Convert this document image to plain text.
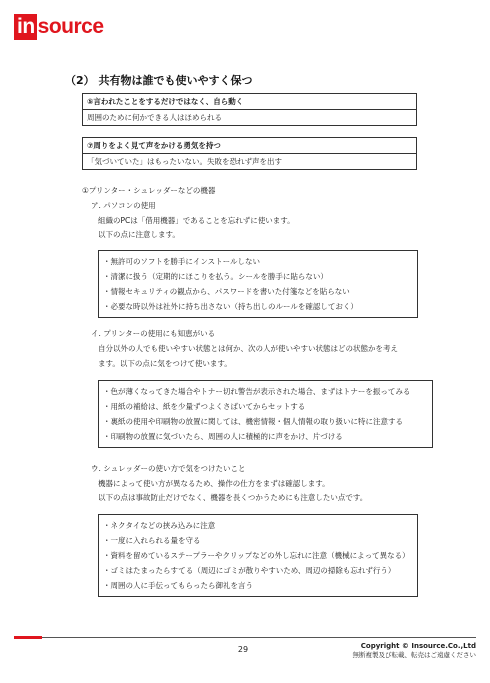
in source
（2） 共有物は誰でも使いやすく保つ
⑤言われたことをするだけではなく、自ら動く
周囲のために何かできる人はほめられる
⑦周りをよく見て声をかける勇気を持つ
「気づいていた」はもったいない。失敗を恐れず声を出す
①プリンター・シュレッダーなどの機器
ア. パソコンの使用
組織のPCは「借用機器」であることを忘れずに使います。
以下の点に注意します。
・無許可のソフトを勝手にインストールしない
・清潔に扱う（定期的にほこりを払う。シールを勝手に貼らない）
・情報セキュリティの観点から、パスワードを書いた付箋などを貼らない
・必要な時以外は社外に持ち出さない（持ち出しのルールを確認しておく）
イ. プリンターの使用にも知恵がいる
自分以外の人でも使いやすい状態とは何か、次の人が使いやすい状態はどの状態かを考え
ます。以下の点に気をつけて使います。
・色が薄くなってきた場合やトナー切れ警告が表示された場合、まずはトナーを振ってみる
・用紙の補給は、紙を少量ずつよくさばいてからセットする
・裏紙の使用や印刷物の放置に関しては、機密情報・個人情報の取り扱いに特に注意する
・印刷物の放置に気づいたら、周囲の人に積極的に声をかけ、片づける
ウ. シュレッダーの使い方で気をつけたいこと
機器によって使い方が異なるため、操作の仕方をまずは確認します。
以下の点は事故防止だけでなく、機器を長くつかうためにも注意したい点です。
・ネクタイなどの挟み込みに注意
・一度に入れられる量を守る
・資料を留めているステープラーやクリップなどの外し忘れに注意（機械によって異なる）
・ゴミはたまったらすてる（周辺にゴミが散りやすいため、周辺の掃除も忘れず行う）
・周囲の人に手伝ってもらったら御礼を言う
29	Copyright © Insource.Co.,Ltd
無断複製及び転載、転売はご遠慮ください
